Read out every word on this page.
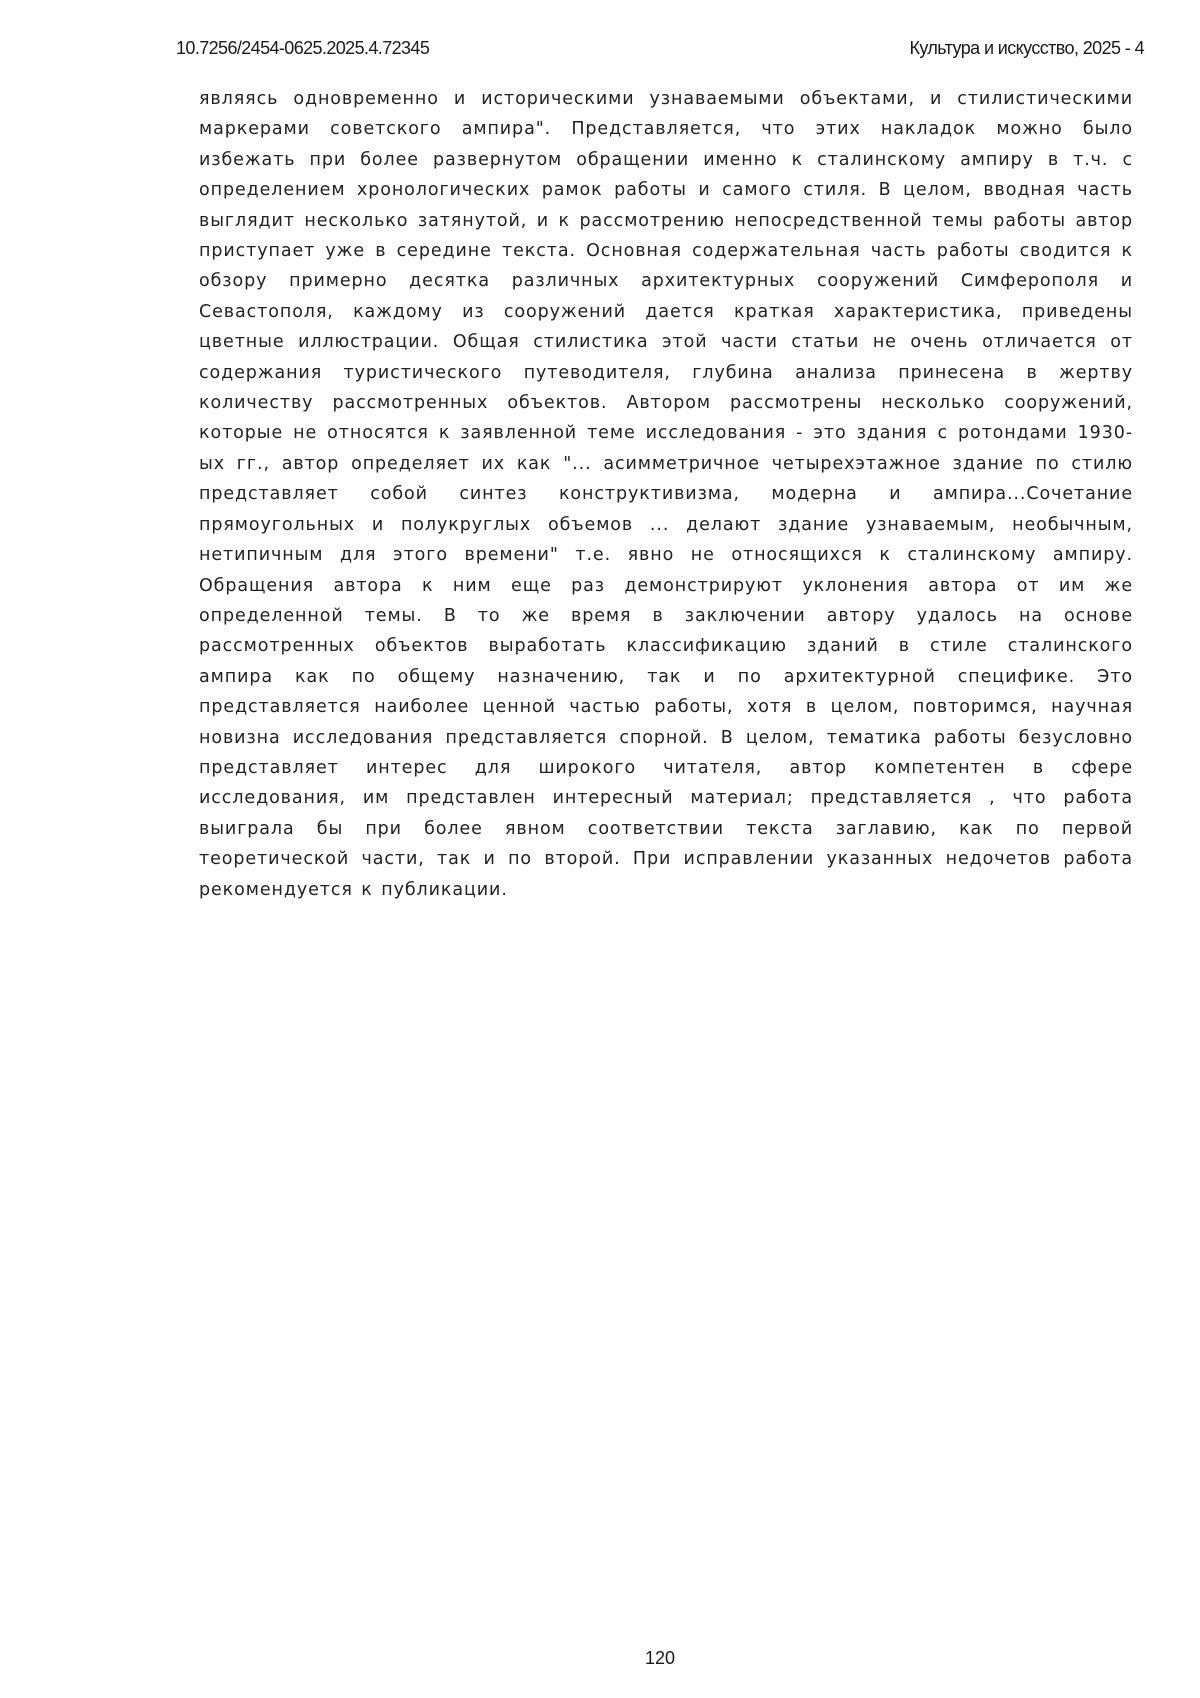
10.7256/2454-0625.2025.4.72345	Культура и искусство, 2025 - 4

являясь одновременно и историческими узнаваемыми объектами, и стилистическими маркерами советского ампира". Представляется, что этих накладок можно было избежать при более развернутом обращении именно к сталинскому ампиру в т.ч. с определением хронологических рамок работы и самого стиля. В целом, вводная часть выглядит несколько затянутой, и к рассмотрению непосредственной темы работы автор приступает уже в середине текста. Основная содержательная часть работы сводится к обзору примерно десятка различных архитектурных сооружений Симферополя и Севастополя, каждому из сооружений дается краткая характеристика, приведены цветные иллюстрации. Общая стилистика этой части статьи не очень отличается от содержания туристического путеводителя, глубина анализа принесена в жертву количеству рассмотренных объектов. Автором рассмотрены несколько сооружений, которые не относятся к заявленной теме исследования - это здания с ротондами 1930-ых гг., автор определяет их как "... асимметричное четырехэтажное здание по стилю представляет собой синтез конструктивизма, модерна и ампира...Сочетание прямоугольных и полукруглых объемов ... делают здание узнаваемым, необычным, нетипичным для этого времени" т.е. явно не относящихся к сталинскому ампиру. Обращения автора к ним еще раз демонстрируют уклонения автора от им же определенной темы. В то же время в заключении автору удалось на основе рассмотренных объектов выработать классификацию зданий в стиле сталинского ампира как по общему назначению, так и по архитектурной специфике. Это представляется наиболее ценной частью работы, хотя в целом, повторимся, научная новизна исследования представляется спорной. В целом, тематика работы безусловно представляет интерес для широкого читателя, автор компетентен в сфере исследования, им представлен интересный материал; представляется , что работа выиграла бы при более явном соответствии текста заглавию, как по первой теоретической части, так и по второй. При исправлении указанных недочетов работа рекомендуется к публикации.

120
